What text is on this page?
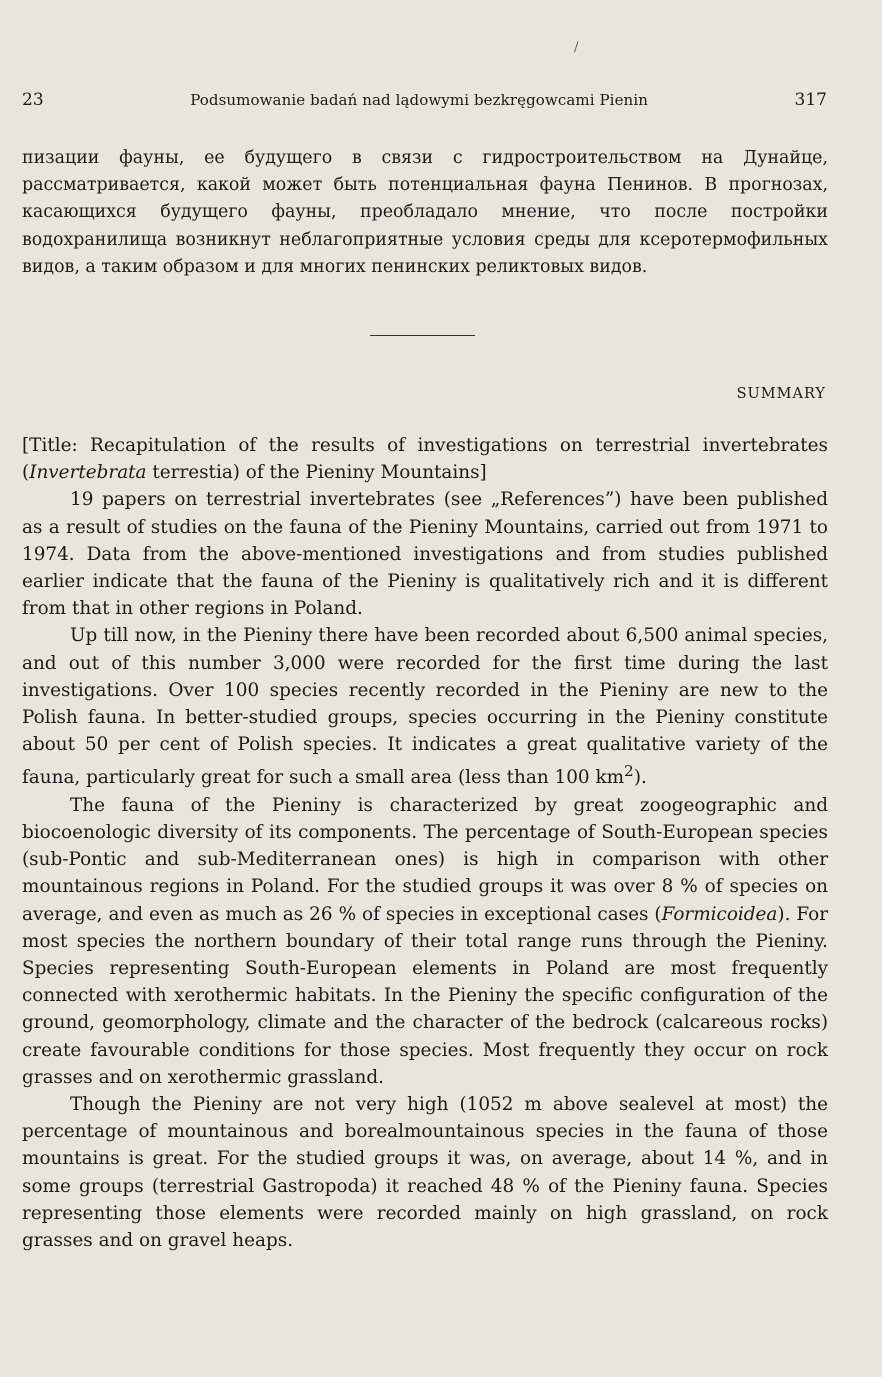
/
23	Podsumowanie badań nad lądowymi bezkręgowcami Pienin	317
пизации фауны, ее будущего в связи с гидростроительством на Дунайце, рассматривается, какой может быть потенциальная фауна Пенинов. В прогнозах, касающихся будущего фауны, преобладало мнение, что после постройки водохранилища возникнут неблагоприятные условия среды для ксеротермофильных видов, а таким образом и для многих пенинских реликтовых видов.
SUMMARY

[Title: Recapitulation of the results of investigations on terrestrial invertebrates (Invertebrata terrestia) of the Pieniny Mountains]

19 papers on terrestrial invertebrates (see „References”) have been published as a result of studies on the fauna of the Pieniny Mountains, carried out from 1971 to 1974. Data from the above-mentioned investigations and from studies published earlier indicate that the fauna of the Pieniny is qualitatively rich and it is different from that in other regions in Poland.

Up till now, in the Pieniny there have been recorded about 6,500 animal species, and out of this number 3,000 were recorded for the first time during the last investigations. Over 100 species recently recorded in the Pieniny are new to the Polish fauna. In better-studied groups, species occurring in the Pieniny constitute about 50 per cent of Polish species. It indicates a great qualitative variety of the fauna, particularly great for such a small area (less than 100 $km^2$).

The fauna of the Pieniny is characterized by great zoogeographic and biocoenologic diversity of its components. The percentage of South-European species (sub-Pontic and sub-Mediterranean ones) is high in comparison with other mountainous regions in Poland. For the studied groups it was over 8 % of species on average, and even as much as 26 % of species in exceptional cases (Formicoidea). For most species the northern boundary of their total range runs through the Pieniny. Species representing South-European elements in Poland are most frequently connected with xerothermic habitats. In the Pieniny the specific configuration of the ground, geomorphology, climate and the character of the bedrock (calcareous rocks) create favourable conditions for those species. Most frequently they occur on rock grasses and on xerothermic grassland.

Though the Pieniny are not very high (1052 m above sealevel at most) the percentage of mountainous and borealmountainous species in the fauna of those mountains is great. For the studied groups it was, on average, about 14 %, and in some groups (terrestrial Gastropoda) it reached 48 % of the Pieniny fauna. Species representing those elements were recorded mainly on high grassland, on rock grasses and on gravel heaps.
